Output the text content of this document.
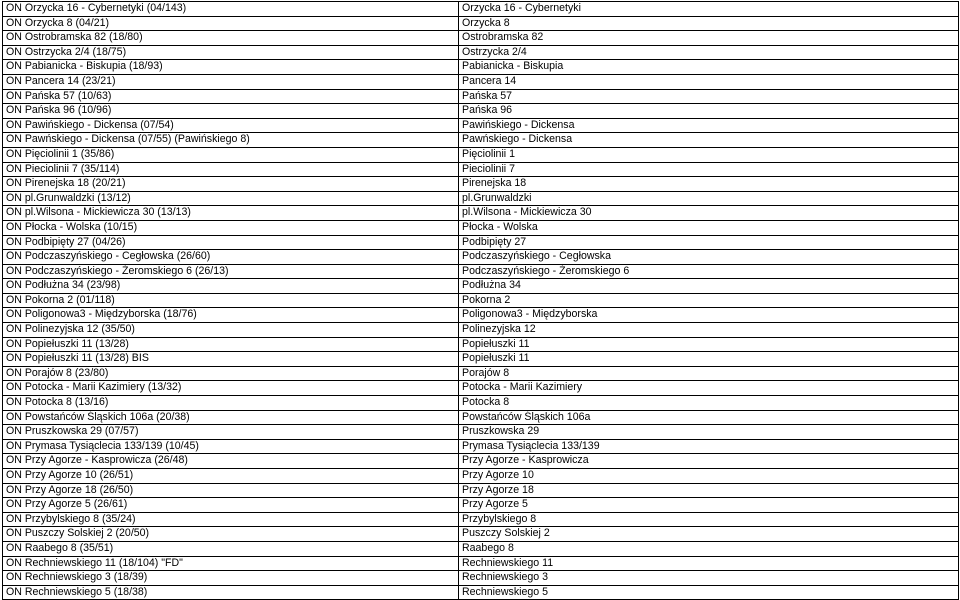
ON Orzycka 16 - Cybernetyki (04/143)	Orzycka 16 - Cybernetyki
ON Orzycka 8 (04/21)	Orzycka 8
ON Ostrobramska 82 (18/80)	Ostrobramska 82
ON Ostrzycka 2/4 (18/75)	Ostrzycka 2/4
ON Pabianicka - Biskupia (18/93)	Pabianicka - Biskupia
ON Pancera 14 (23/21)	Pancera 14
ON Pańska 57 (10/63)	Pańska 57
ON Pańska 96 (10/96)	Pańska 96
ON Pawińskiego - Dickensa (07/54)	Pawińskiego - Dickensa
ON Pawńskiego - Dickensa (07/55) (Pawińskiego 8)	Pawńskiego - Dickensa
ON Pięciolinii 1 (35/86)	Pięciolinii 1
ON Pieciolinii 7 (35/114)	Pieciolinii 7
ON Pirenejska 18 (20/21)	Pirenejska 18
ON pl.Grunwaldzki (13/12)	pl.Grunwaldzki
ON pl.Wilsona - Mickiewicza 30 (13/13)	pl.Wilsona - Mickiewicza 30
ON Płocka - Wolska (10/15)	Płocka - Wolska
ON Podbipięty 27 (04/26)	Podbipięty 27
ON Podczaszyńskiego - Cegłowska (26/60)	Podczaszyńskiego - Cegłowska
ON Podczaszyńskiego - Żeromskiego 6 (26/13)	Podczaszyńskiego - Żeromskiego 6
ON Podłużna 34 (23/98)	Podłużna 34
ON Pokorna 2 (01/118)	Pokorna 2
ON Poligonowa3 - Międzyborska (18/76)	Poligonowa3 - Międzyborska
ON Polinezyjska 12 (35/50)	Polinezyjska 12
ON Popiełuszki 11 (13/28)	Popiełuszki 11
ON Popiełuszki 11 (13/28) BIS	Popiełuszki 11
ON Porajów 8 (23/80)	Porajów 8
ON Potocka - Marii Kazimiery (13/32)	Potocka - Marii Kazimiery
ON Potocka 8 (13/16)	Potocka 8
ON Powstańców Śląskich 106a (20/38)	Powstańców Śląskich 106a
ON Pruszkowska 29 (07/57)	Pruszkowska 29
ON Prymasa Tysiąclecia 133/139 (10/45)	Prymasa Tysiąclecia 133/139
ON Przy Agorze - Kasprowicza (26/48)	Przy Agorze - Kasprowicza
ON Przy Agorze 10 (26/51)	Przy Agorze 10
ON Przy Agorze 18 (26/50)	Przy Agorze 18
ON Przy Agorze 5 (26/61)	Przy Agorze 5
ON Przybylskiego 8 (35/24)	Przybylskiego 8
ON Puszczy Solskiej 2 (20/50)	Puszczy Solskiej 2
ON Raabego 8 (35/51)	Raabego 8
ON Rechniewskiego 11 (18/104) "FD"	Rechniewskiego 11
ON Rechniewskiego 3 (18/39)	Rechniewskiego 3
ON Rechniewskiego 5 (18/38)	Rechniewskiego 5
